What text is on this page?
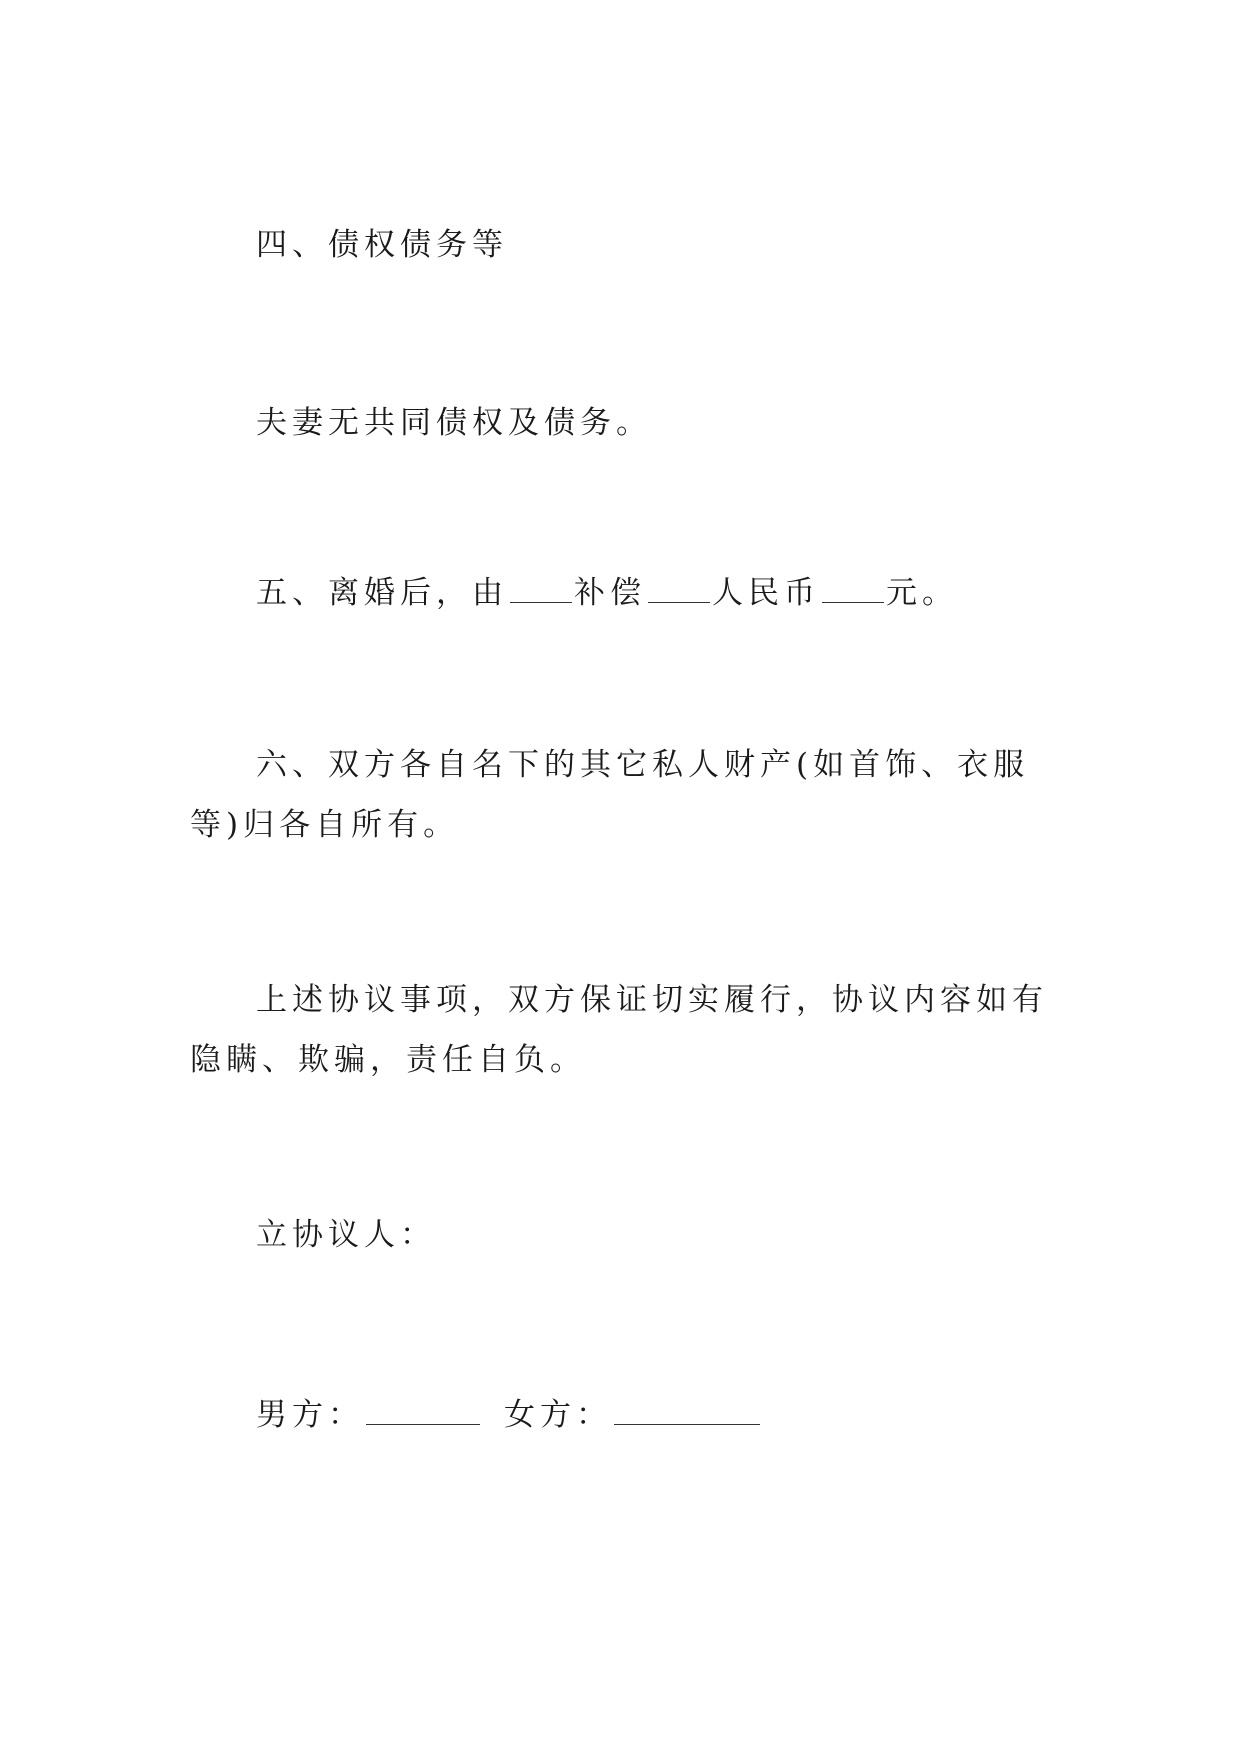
四、债权债务等

夫妻无共同债权及债务。

五、离婚后，由 补偿 人民币 元。

六、双方各自名下的其它私人财产(如首饰、衣服等)归各自所有。

上述协议事项，双方保证切实履行，协议内容如有隐瞒、欺骗，责任自负。

立协议人：

男方：	女方：
